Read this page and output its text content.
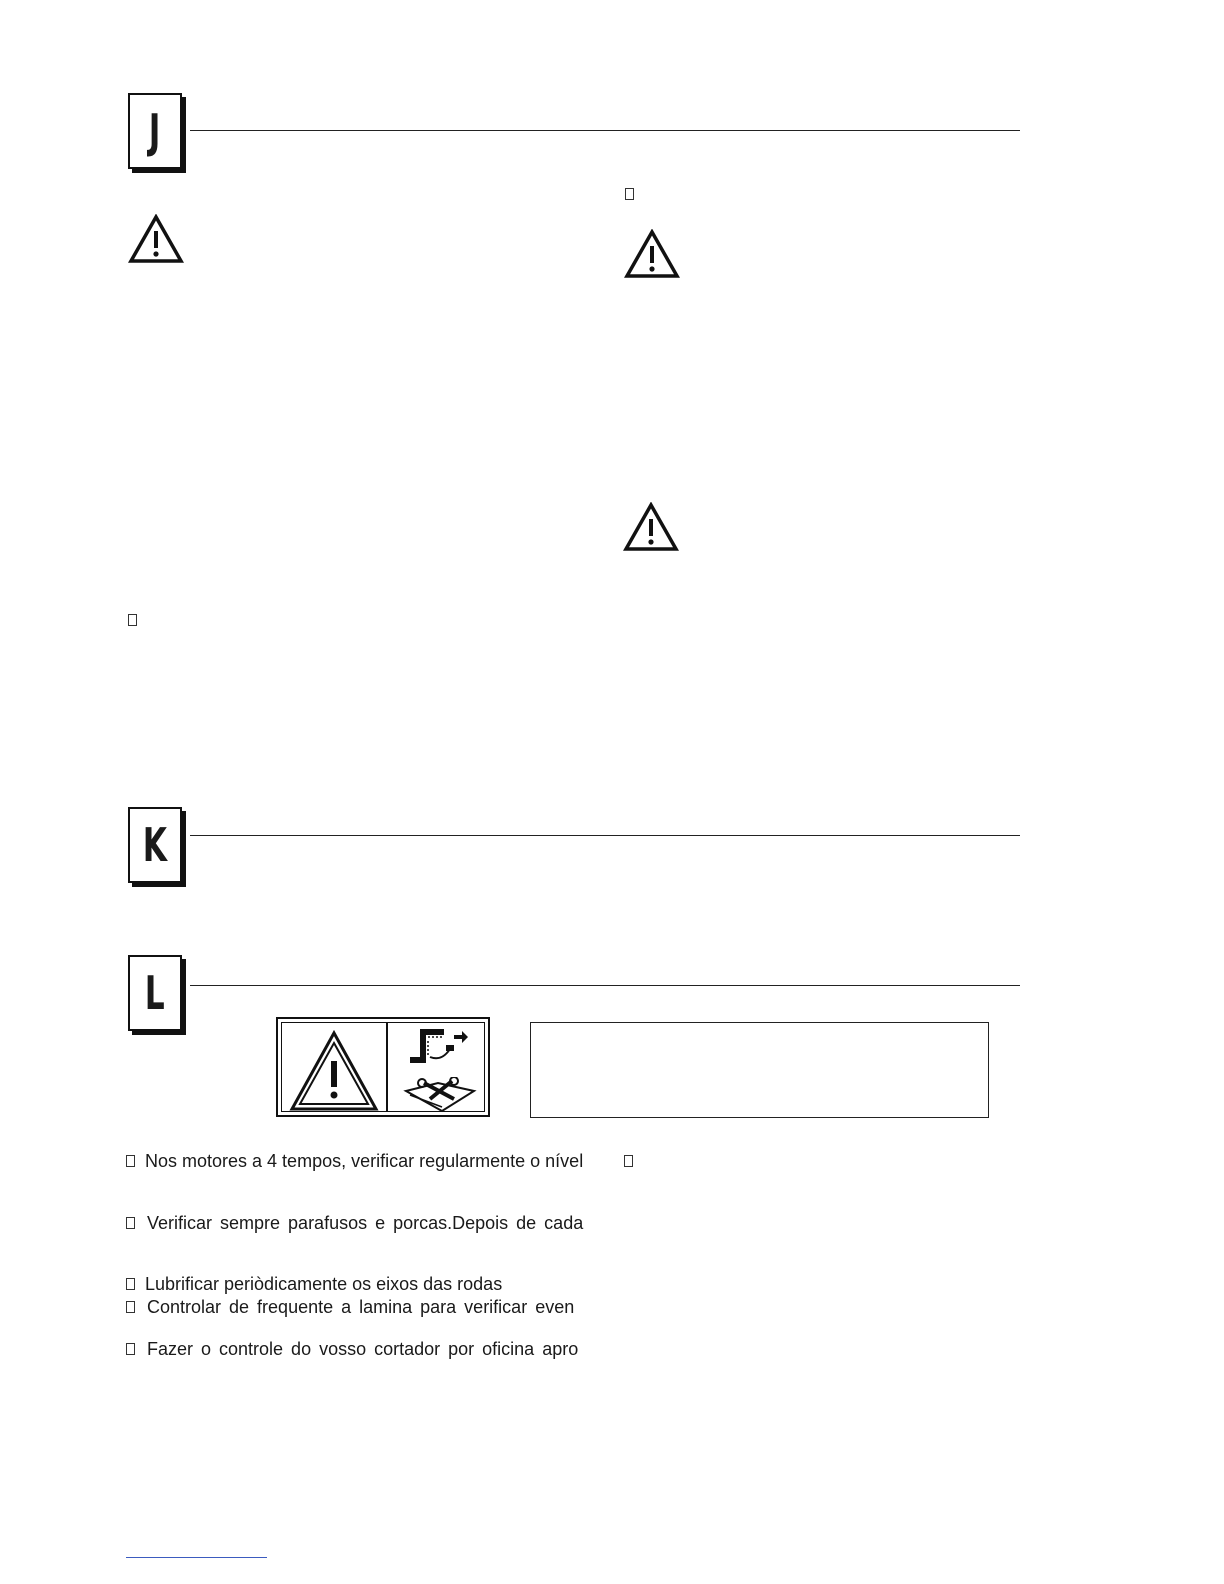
J
K
L
Nos motores a 4 tempos, verificar regularmente o nível
Verificar sempre parafusos e porcas.Depois de cada
Lubrificar periòdicamente os eixos das rodas
Controlar de frequente a lamina para verificar even
Fazer o controle do vosso cortador por oficina apro
